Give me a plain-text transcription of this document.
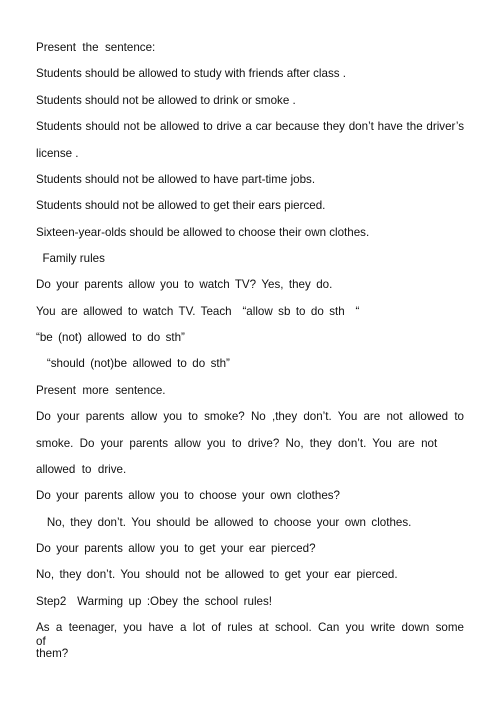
Present  the  sentence:
Students should be allowed to study with friends after class .
Students should not be allowed to drink or smoke .
Students should not be allowed to drive a car because they don’t have the driver’s
license .
Students should not be allowed to have part-time jobs.
Students should not be allowed to get their ears pierced.
Sixteen-year-olds should be allowed to choose their own clothes.
Family rules
Do your parents allow you to watch TV? Yes, they do.
You are allowed to watch TV. Teach  “allow sb to do sth  “
“be (not) allowed to do sth”
“should (not)be allowed to do sth”
Present  more  sentence.
Do your parents allow you to smoke? No ,they don’t. You are not allowed to
smoke. Do your parents allow you to drive? No, they don’t. You are not
allowed  to  drive.
Do your parents allow you to choose your own clothes?
No, they don’t. You should be allowed to choose your own clothes.
Do your parents allow you to get your ear pierced?
No, they don’t. You should not be allowed to get your ear pierced.
Step2  Warming up :Obey the school rules!
As a teenager, you have a lot of rules at school. Can you write down some of
them?
